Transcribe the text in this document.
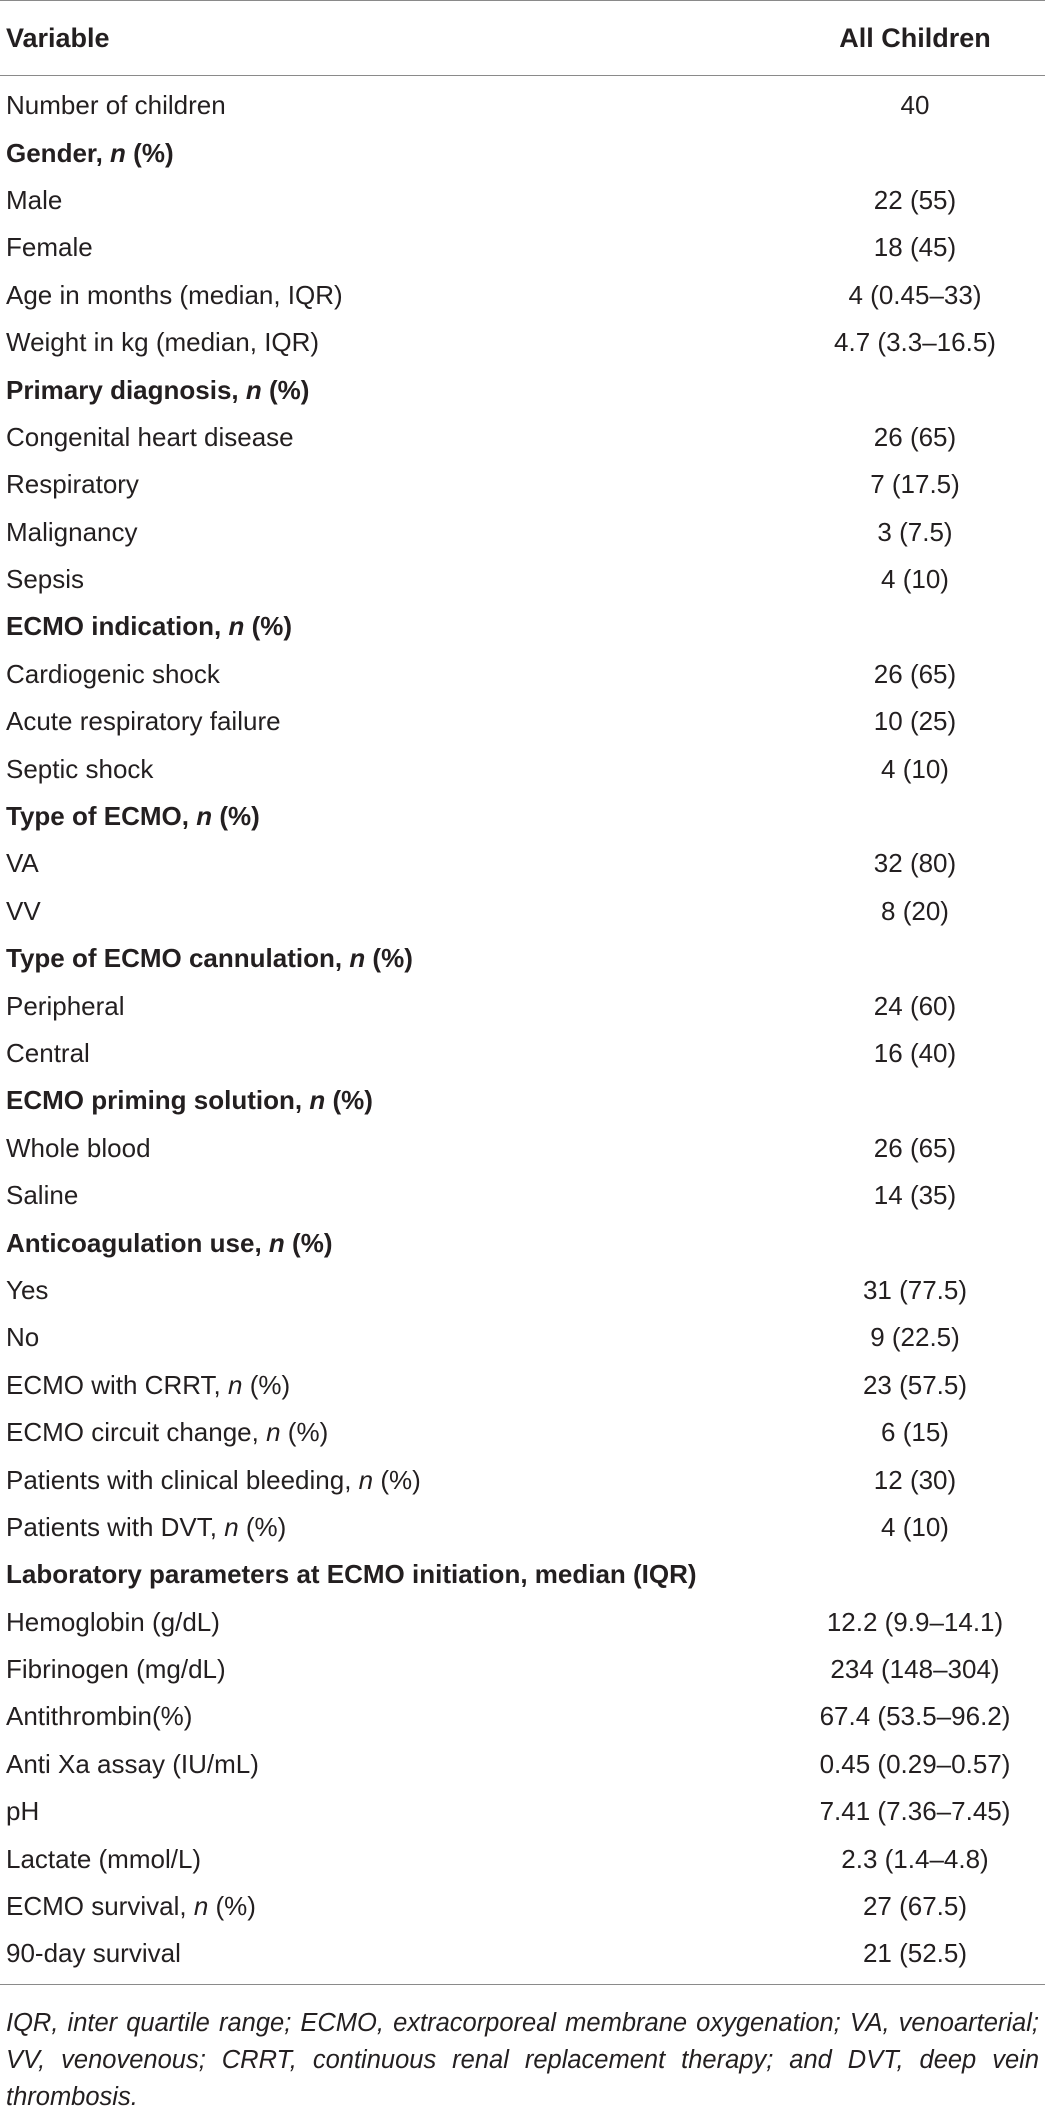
Variable	All Children
Number of children	40
Gender, n (%)	
Male	22 (55)
Female	18 (45)
Age in months (median, IQR)	4 (0.45–33)
Weight in kg (median, IQR)	4.7 (3.3–16.5)
Primary diagnosis, n (%)	
Congenital heart disease	26 (65)
Respiratory	7 (17.5)
Malignancy	3 (7.5)
Sepsis	4 (10)
ECMO indication, n (%)	
Cardiogenic shock	26 (65)
Acute respiratory failure	10 (25)
Septic shock	4 (10)
Type of ECMO, n (%)	
VA	32 (80)
VV	8 (20)
Type of ECMO cannulation, n (%)	
Peripheral	24 (60)
Central	16 (40)
ECMO priming solution, n (%)	
Whole blood	26 (65)
Saline	14 (35)
Anticoagulation use, n (%)	
Yes	31 (77.5)
No	9 (22.5)
ECMO with CRRT, n (%)	23 (57.5)
ECMO circuit change, n (%)	6 (15)
Patients with clinical bleeding, n (%)	12 (30)
Patients with DVT, n (%)	4 (10)
Laboratory parameters at ECMO initiation, median (IQR)	
Hemoglobin (g/dL)	12.2 (9.9–14.1)
Fibrinogen (mg/dL)	234 (148–304)
Antithrombin(%)	67.4 (53.5–96.2)
Anti Xa assay (IU/mL)	0.45 (0.29–0.57)
pH	7.41 (7.36–7.45)
Lactate (mmol/L)	2.3 (1.4–4.8)
ECMO survival, n (%)	27 (67.5)
90-day survival	21 (52.5)
IQR, inter quartile range; ECMO, extracorporeal membrane oxygenation; VA, venoarterial; VV, venovenous; CRRT, continuous renal replacement therapy; and DVT, deep vein thrombosis.
